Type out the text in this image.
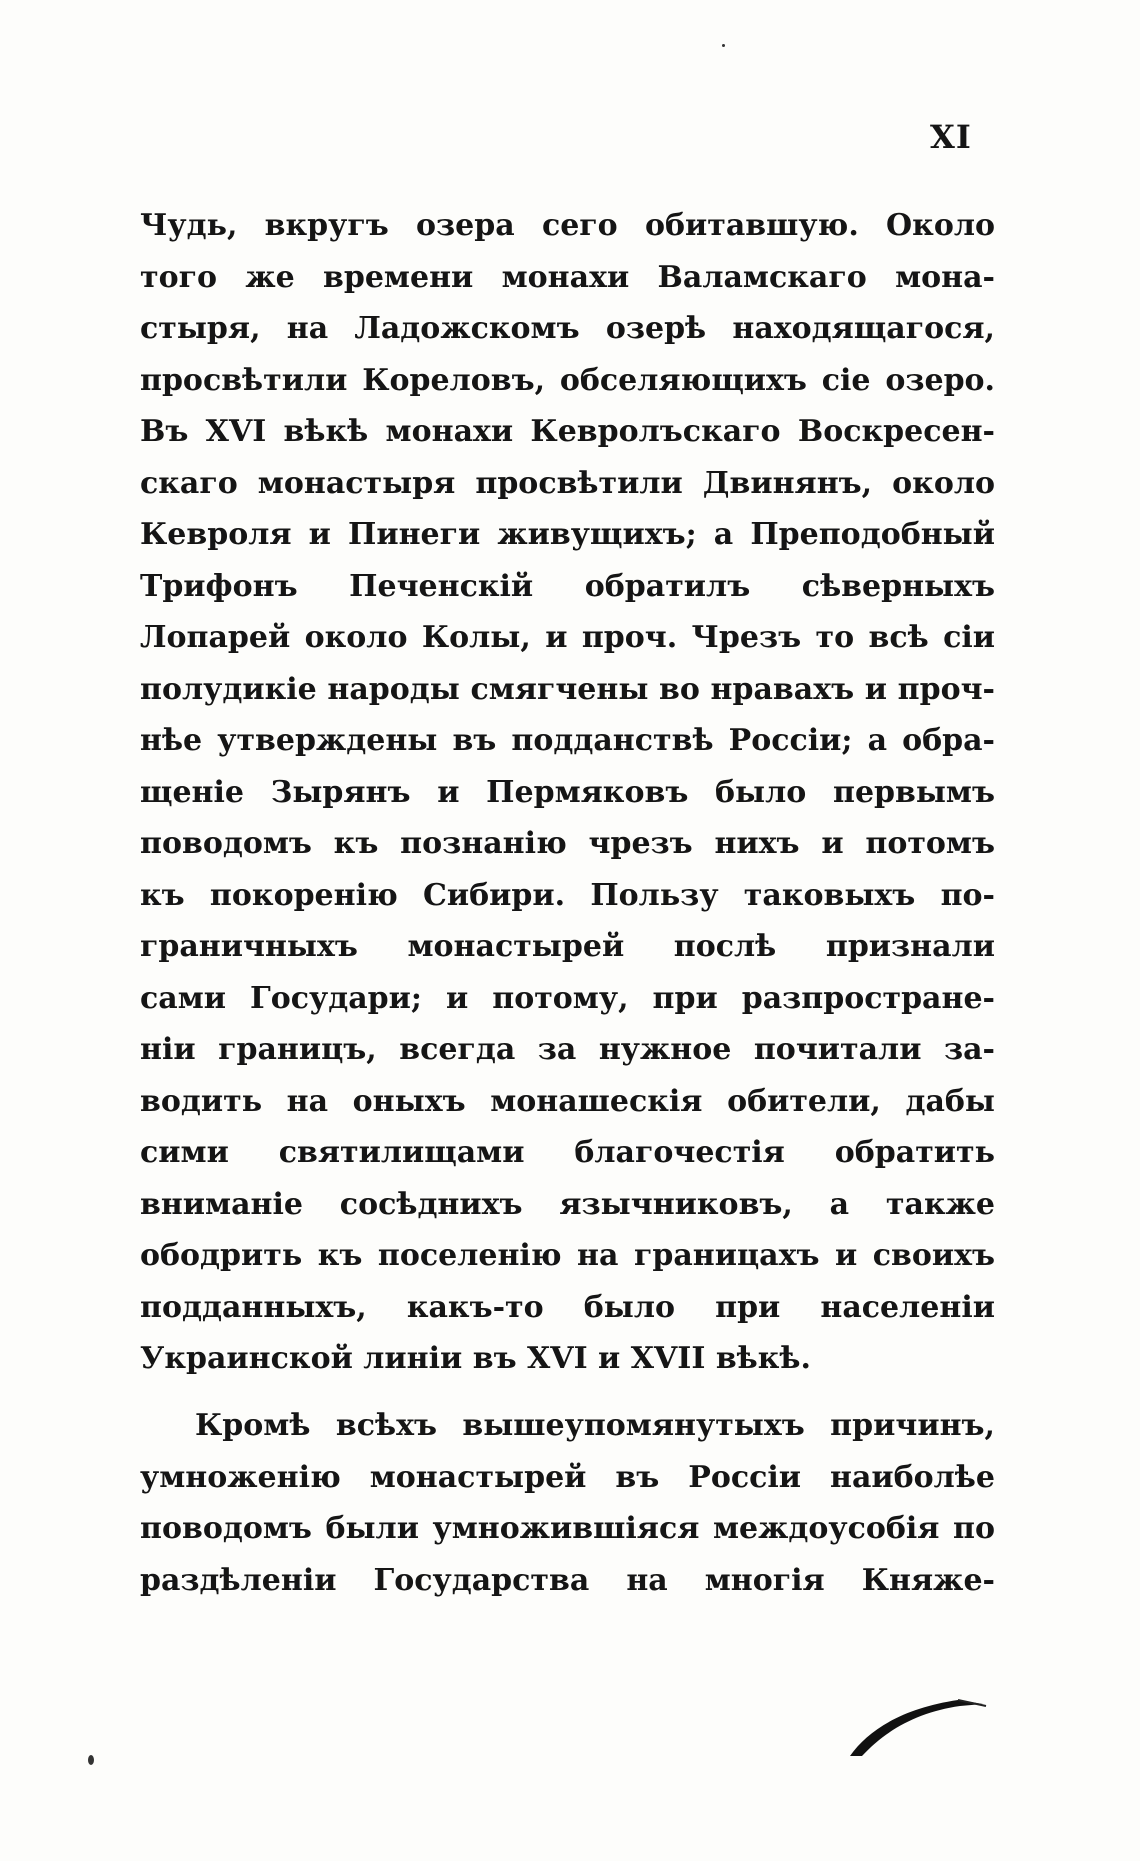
XI
Чудь, вкругъ озера сего обитавшую. Около
того же времени монахи Валамскаго мона-
стыря, на Ладожскомъ озерѣ находящагося,
просвѣтили Кореловъ, обселяющихъ сіе озеро.
Въ XVI вѣкѣ монахи Кевролъскаго Воскресен-
скаго монастыря просвѣтили Двинянъ, около
Кевроля и Пинеги живущихъ; а Преподобный
Трифонъ Печенскій обратилъ сѣверныхъ
Лопарей около Колы, и проч. Чрезъ то всѣ сіи
полудикіе народы смягчены во нравахъ и проч-
нѣе утверждены въ подданствѣ Россіи; а обра-
щеніе Зырянъ и Пермяковъ было первымъ
поводомъ къ познанію чрезъ нихъ и потомъ
къ покоренію Сибири. Пользу таковыхъ по-
граничныхъ монастырей послѣ признали
сами Государи; и потому, при разпростране-
ніи границъ, всегда за нужное почитали за-
водить на оныхъ монашескія обители, дабы
сими святилищами благочестія обратить
вниманіе сосѣднихъ язычниковъ, а также
ободрить къ поселенію на границахъ и своихъ
подданныхъ, какъ-то было при населеніи
Украинской линіи въ XVI и XVII вѣкѣ.
Кромѣ всѣхъ вышеупомянутыхъ причинъ,
умноженію монастырей въ Россіи наиболѣе
поводомъ были умножившіяся междоусобія по
раздѣленіи Государства на многія Княже-
